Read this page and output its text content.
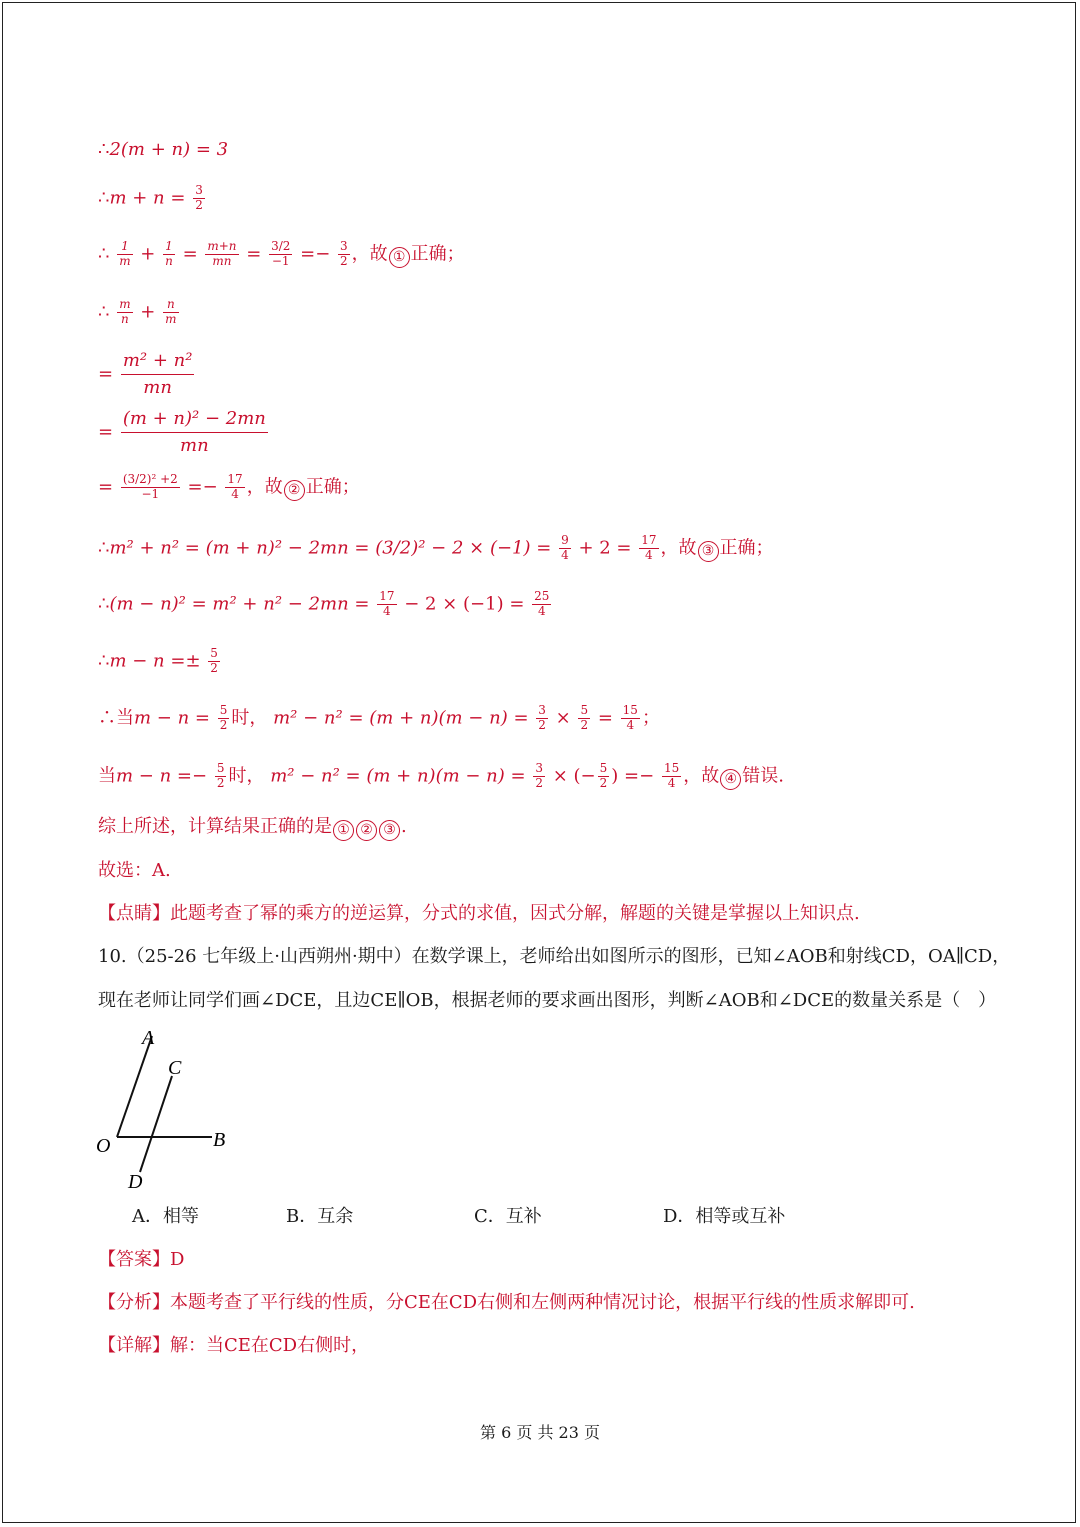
∴2(m + n) = 3
∴m + $n = \frac{3}{2}$
∴ $\frac{1}{m} + \frac{1}{n} = \frac{m+n}{mn} = \frac{3/2}{-1} =- \frac{3}{2}$ ，故 ① 正确；
∴ $\frac{m}{n} + \frac{n}{m}$
= $\frac{\text{m² + n²}}{mn}$
= $\frac{\text{(m + n)² − 2mn}}{mn}$
= $\frac{\text{(3/2)² +2}}{-1} =- \frac{17}{4}$ ，故 ② 正确；
∴m² + $n^2 = (m + n)^2 - 2mn = (3/2)^2 - 2 \times (-1) = \frac{9}{4} + 2 = \frac{17}{4}$ ，故 ③ 正确；
∴(m − $n)^2 = m^2 + n^2 - 2mn = \frac{17}{4} - 2 \times (-1) = \frac{25}{4}$
∴m − $n =\pm \frac{5}{2}$
∴当$m - n = \frac{5}{2}$ 时， $m^2 - n^2 = (m + n)(m - n) = \frac{3}{2} \times \frac{5}{2} = \frac{15}{4}$ ；
当$m - n =- \frac{5}{2}$ 时， $m^2 - n^2 = (m + n)(m - n) = \frac{3}{2}$ × (− $\frac{5}{2}$ ) =− $\frac{15}{4}$ ，故 ④ 错误.
综上所述，计算结果正确的是 ① ② ③ .
故选：A.
【点睛】此题考查了幂的乘方的逆运算，分式的求值，因式分解，解题的关键是掌握以上知识点.
10.（25-26 七年级上·山西朔州·期中）在数学课上，老师给出如图所示的图形，已知∠AOB和射线CD，OA∥CD，
现在老师让同学们画∠DCE，且边CE∥OB，根据老师的要求画出图形，判断∠AOB和∠DCE的数量关系是（　）
A
C
O	B
D
A．相等	B．互余	C．互补	D．相等或互补
【答案】D
【分析】本题考查了平行线的性质，分CE在CD右侧和左侧两种情况讨论，根据平行线的性质求解即可.
【详解】解：当CE在CD右侧时，
第 6 页 共 23 页
